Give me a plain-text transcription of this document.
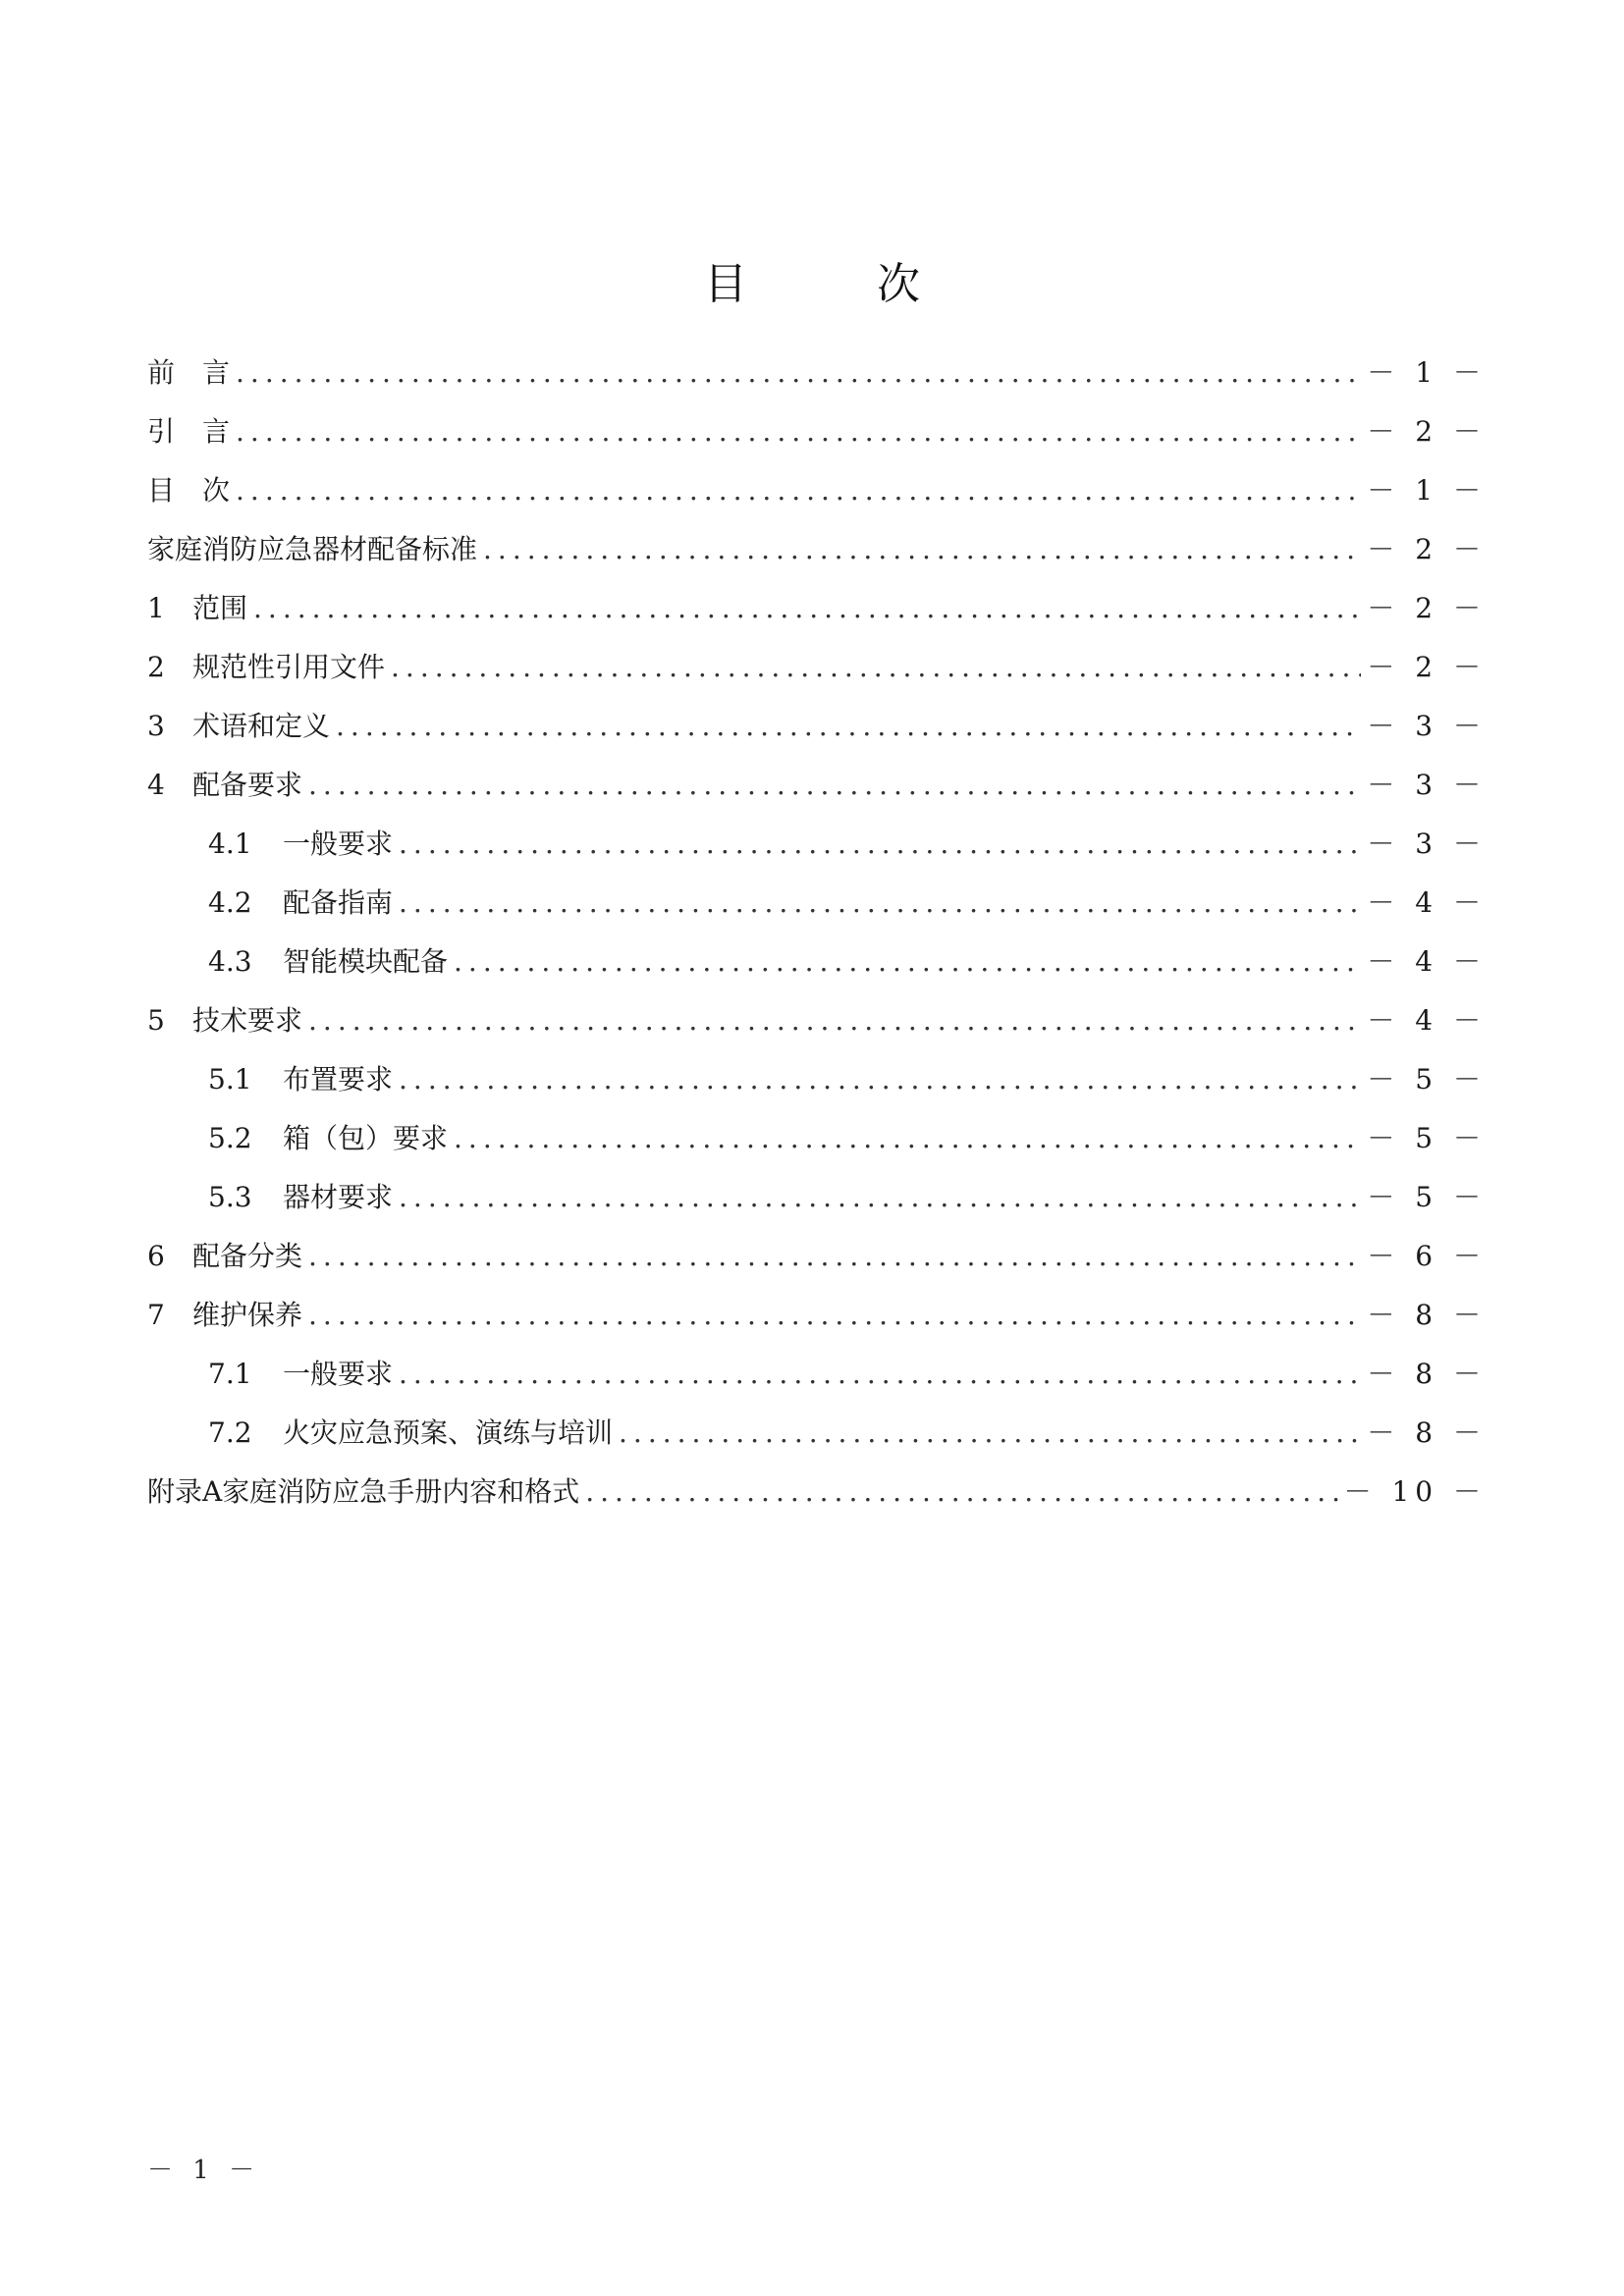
目　次
前　言 .....	－ 1 －
引　言 .....	－ 2 －
目　次 .....	－ 1 －
家庭消防应急器材配备标准 .....	－ 2 －
1 范围 .....	－ 2 －
2 规范性引用文件 .....	－ 2 －
3 术语和定义 .....	－ 3 －
4 配备要求 .....	－ 3 －
4.1 一般要求 .....	－ 3 －
4.2 配备指南 .....	－ 4 －
4.3 智能模块配备 .....	－ 4 －
5 技术要求 .....	－ 4 －
5.1 布置要求 .....	－ 5 －
5.2 箱（包）要求 .....	－ 5 －
5.3 器材要求 .....	－ 5 －
6 配备分类 .....	－ 6 －
7 维护保养 .....	－ 8 －
7.1 一般要求 .....	－ 8 －
7.2 火灾应急预案、演练与培训 .....	－ 8 －
附录A家庭消防应急手册内容和格式 .....	－ 10 －
－ 1 －
